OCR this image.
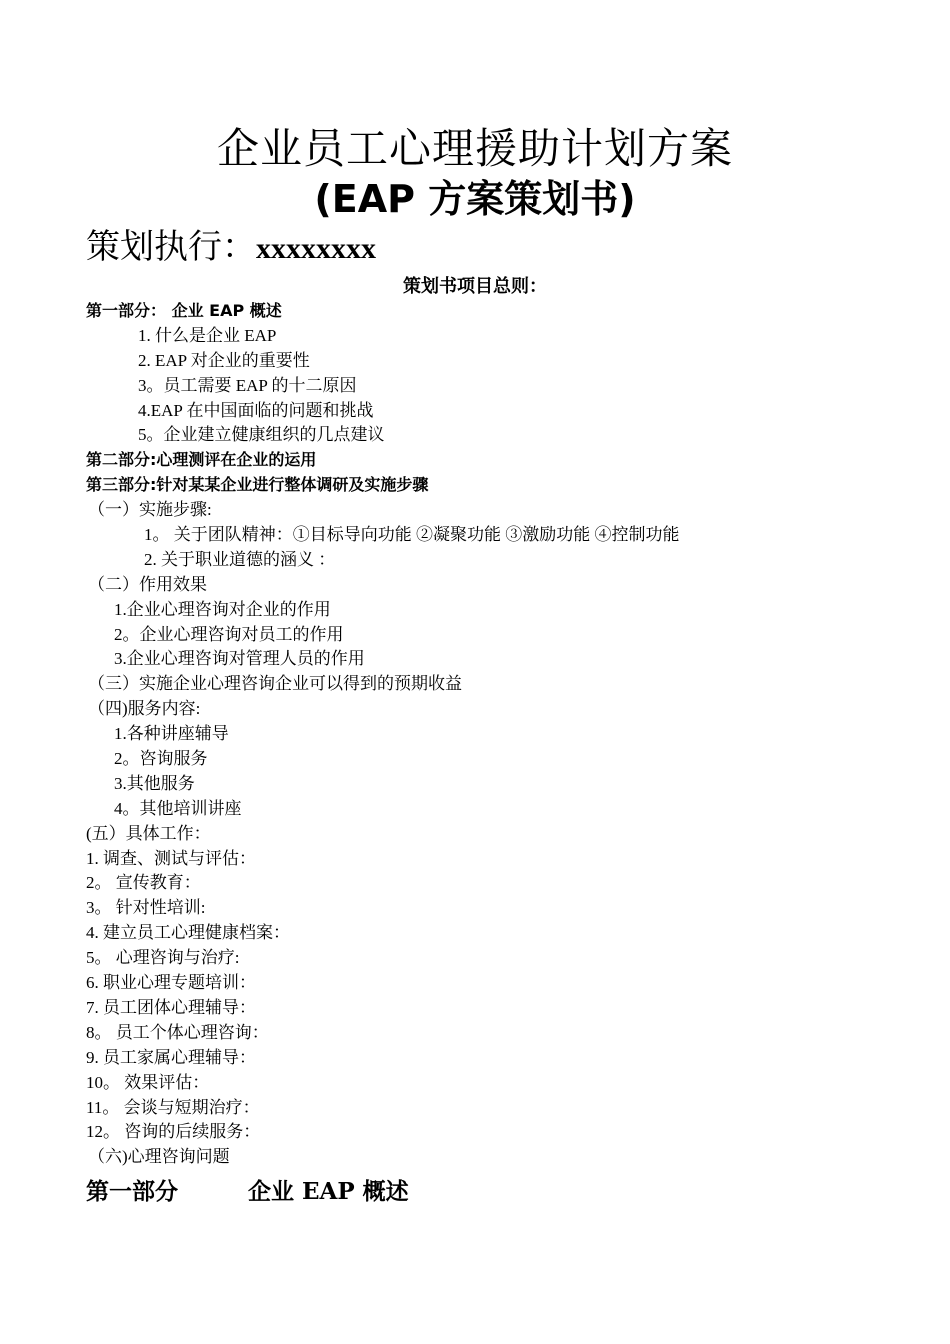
企业员工心理援助计划方案
(EAP 方案策划书)
策划执行：xxxxxxxx
策划书项目总则：
第一部分： 企业 EAP 概述
1. 什么是企业 EAP
2. EAP 对企业的重要性
3。员工需要 EAP 的十二原因
4.EAP 在中国面临的问题和挑战
5。企业建立健康组织的几点建议
第二部分:心理测评在企业的运用
第三部分:针对某某企业进行整体调研及实施步骤
（一）实施步骤:
1。 关于团队精神：①目标导向功能 ②凝聚功能 ③激励功能 ④控制功能
2. 关于职业道德的涵义 ：
（二）作用效果
1.企业心理咨询对企业的作用
2。企业心理咨询对员工的作用
3.企业心理咨询对管理人员的作用
（三）实施企业心理咨询企业可以得到的预期收益
（四)服务内容:
1.各种讲座辅导
2。咨询服务
3.其他服务
4。其他培训讲座
(五）具体工作：
1. 调查、测试与评估：
2。 宣传教育：
3。 针对性培训:
4. 建立员工心理健康档案：
5。 心理咨询与治疗:
6. 职业心理专题培训：
7. 员工团体心理辅导：
8。 员工个体心理咨询：
9. 员工家属心理辅导：
10。 效果评估：
11。 会谈与短期治疗：
12。 咨询的后续服务：
（六)心理咨询问题
第一部分	企业 EAP 概述
